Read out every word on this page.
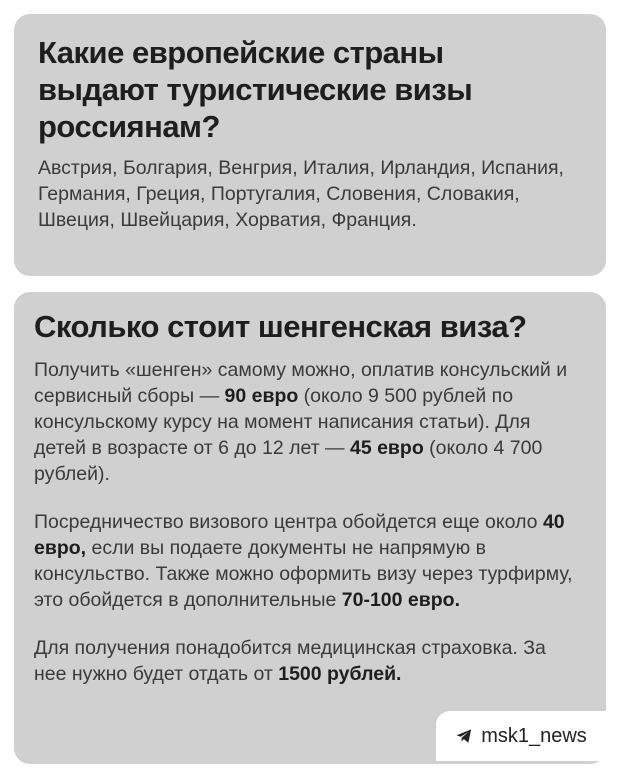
Какие европейские страны выдают туристические визы россиянам?

Австрия, Болгария, Венгрия, Италия, Ирландия, Испания, Германия, Греция, Португалия, Словения, Словакия, Швеция, Швейцария, Хорватия, Франция.

Сколько стоит шенгенская виза?

Получить «шенген» самому можно, оплатив консульский и сервисный сборы — 90 евро (около 9 500 рублей по консульскому курсу на момент написания статьи). Для детей в возрасте от 6 до 12 лет — 45 евро (около 4 700 рублей).

Посредничество визового центра обойдется еще около 40 евро, если вы подаете документы не напрямую в консульство. Также можно оформить визу через турфирму, это обойдется в дополнительные 70-100 евро.

Для получения понадобится медицинская страховка. За нее нужно будет отдать от 1500 рублей.

msk1_news
